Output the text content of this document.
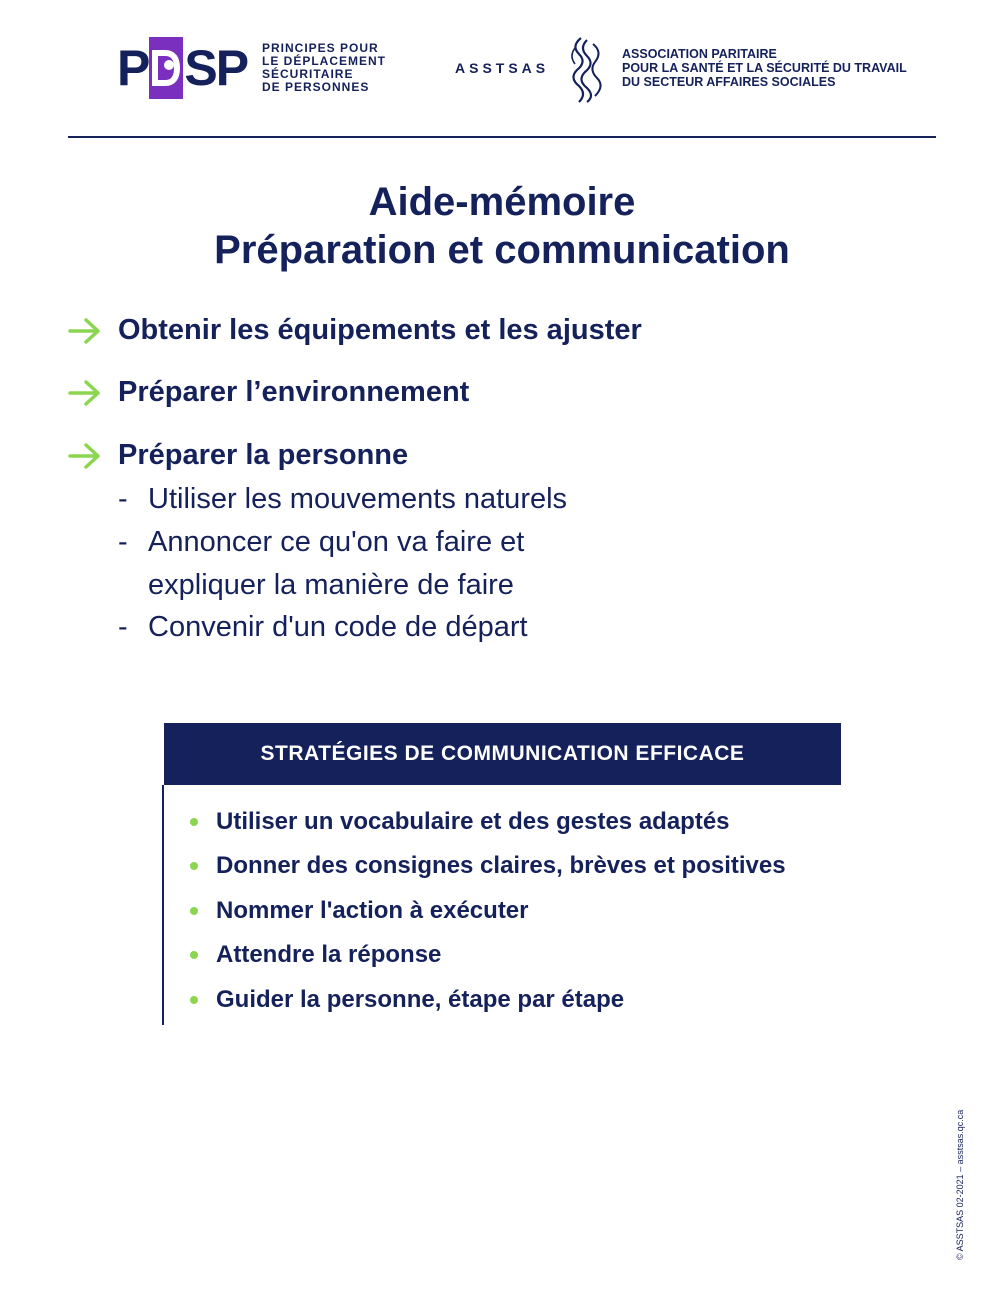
P SP PRINCIPES POUR
LE DÉPLACEMENT
SÉCURITAIRE
DE PERSONNES
ASSTSAS
ASSOCIATION PARITAIRE
POUR LA SANTÉ ET LA SÉCURITÉ DU TRAVAIL
DU SECTEUR AFFAIRES SOCIALES
Aide-mémoire
Préparation et communication
Obtenir les équipements et les ajuster
Préparer l’environnement
Préparer la personne
- Utiliser les mouvements naturels
- Annoncer ce qu'on va faire et
expliquer la manière de faire
- Convenir d'un code de départ
STRATÉGIES DE COMMUNICATION EFFICACE
Utiliser un vocabulaire et des gestes adaptés
Donner des consignes claires, brèves et positives
Nommer l'action à exécuter
Attendre la réponse
Guider la personne, étape par étape
© ASSTSAS 02-2021 – asstsas.qc.ca
